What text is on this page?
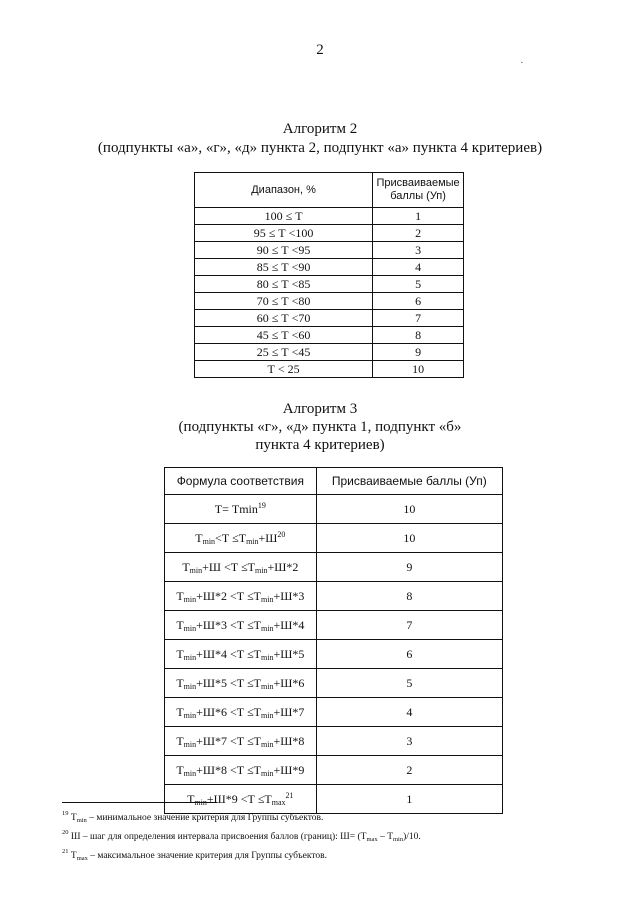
2
·
Алгоритм 2
(подпункты «а», «г», «д» пункта 2, подпункт «а» пункта 4 критериев)
Диапазон, %	Присваиваемые баллы (Уп)
100 ≤ Т	1
95 ≤ Т <100	2
90 ≤ Т <95	3
85 ≤ Т <90	4
80 ≤ Т <85	5
70 ≤ Т <80	6
60 ≤ Т <70	7
45 ≤ Т <60	8
25 ≤ Т <45	9
Т < 25	10
Алгоритм 3
(подпункты «г», «д» пункта 1, подпункт «б»
пункта 4 критериев)
Формула соответствия	Присваиваемые баллы (Уп)
Т= Тmin$^{19}$	10
$Т_{min}<Т \le Т_{min}+Ш^{20}$	10
$Т_{min}+Ш <Т \le Т_{min}+Ш*2$	9
$Т_{min}+Ш*2 <Т \le Т_{min}+Ш*3$	8
$Т_{min}+Ш*3 <Т \le Т_{min}+Ш*4$	7
$Т_{min}+Ш*4 <Т \le Т_{min}+Ш*5$	6
$Т_{min}+Ш*5 <Т \le Т_{min}+Ш*6$	5
$Т_{min}+Ш*6 <Т \le Т_{min}+Ш*7$	4
$Т_{min}+Ш*7 <Т \le Т_{min}+Ш*8$	3
$Т_{min}+Ш*8 <Т \le Т_{min}+Ш*9$	2
$Т_{min}+Ш*9 <Т \le Т_{max}^{21}$	1
$^{19}$ $Т_{min}$ – минимальное значение критерия для Группы субъектов.
$^{20}$ Ш – шаг для определения интервала присвоения баллов (границ): $Ш= (Т_{max} - Т_{min})/10$.
$^{21}$ $Т_{max}$ – максимальное значение критерия для Группы субъектов.
